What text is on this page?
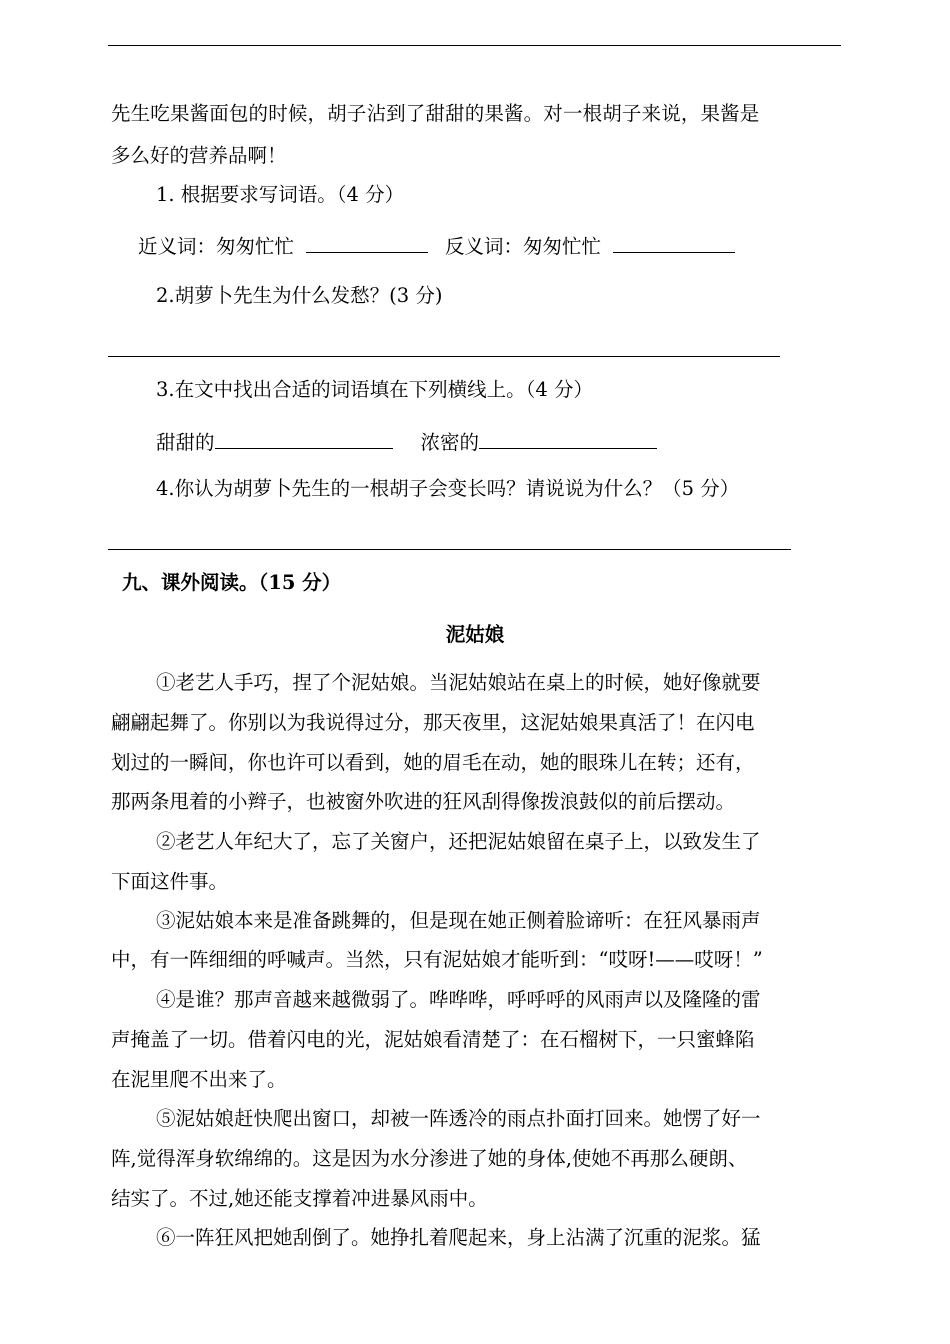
先生吃果酱面包的时候，胡子沾到了甜甜的果酱。对一根胡子来说，果酱是
多么好的营养品啊！
1. 根据要求写词语。（4 分）
近义词：匆匆忙忙	反义词：匆匆忙忙
2.胡萝卜先生为什么发愁？(3 分)
3.在文中找出合适的词语填在下列横线上。（4 分）
甜甜的	浓密的
4.你认为胡萝卜先生的一根胡子会变长吗？请说说为什么？（5 分）
九、课外阅读。（15 分）
泥姑娘
①老艺人手巧，捏了个泥姑娘。当泥姑娘站在桌上的时候，她好像就要
翩翩起舞了。你别以为我说得过分，那天夜里，这泥姑娘果真活了！在闪电
划过的一瞬间，你也许可以看到，她的眉毛在动，她的眼珠儿在转；还有，
那两条甩着的小辫子，也被窗外吹进的狂风刮得像拨浪鼓似的前后摆动。
②老艺人年纪大了，忘了关窗户，还把泥姑娘留在桌子上，以致发生了
下面这件事。
③泥姑娘本来是准备跳舞的，但是现在她正侧着脸谛听：在狂风暴雨声
中，有一阵细细的呼喊声。当然，只有泥姑娘才能听到：“哎呀!——哎呀！”
④是谁？那声音越来越微弱了。哗哗哗，呼呼呼的风雨声以及隆隆的雷
声掩盖了一切。借着闪电的光，泥姑娘看清楚了：在石榴树下，一只蜜蜂陷
在泥里爬不出来了。
⑤泥姑娘赶快爬出窗口，却被一阵透冷的雨点扑面打回来。她愣了好一
阵,觉得浑身软绵绵的。这是因为水分渗进了她的身体,使她不再那么硬朗、
结实了。不过,她还能支撑着冲进暴风雨中。
⑥一阵狂风把她刮倒了。她挣扎着爬起来，身上沾满了沉重的泥浆。猛
